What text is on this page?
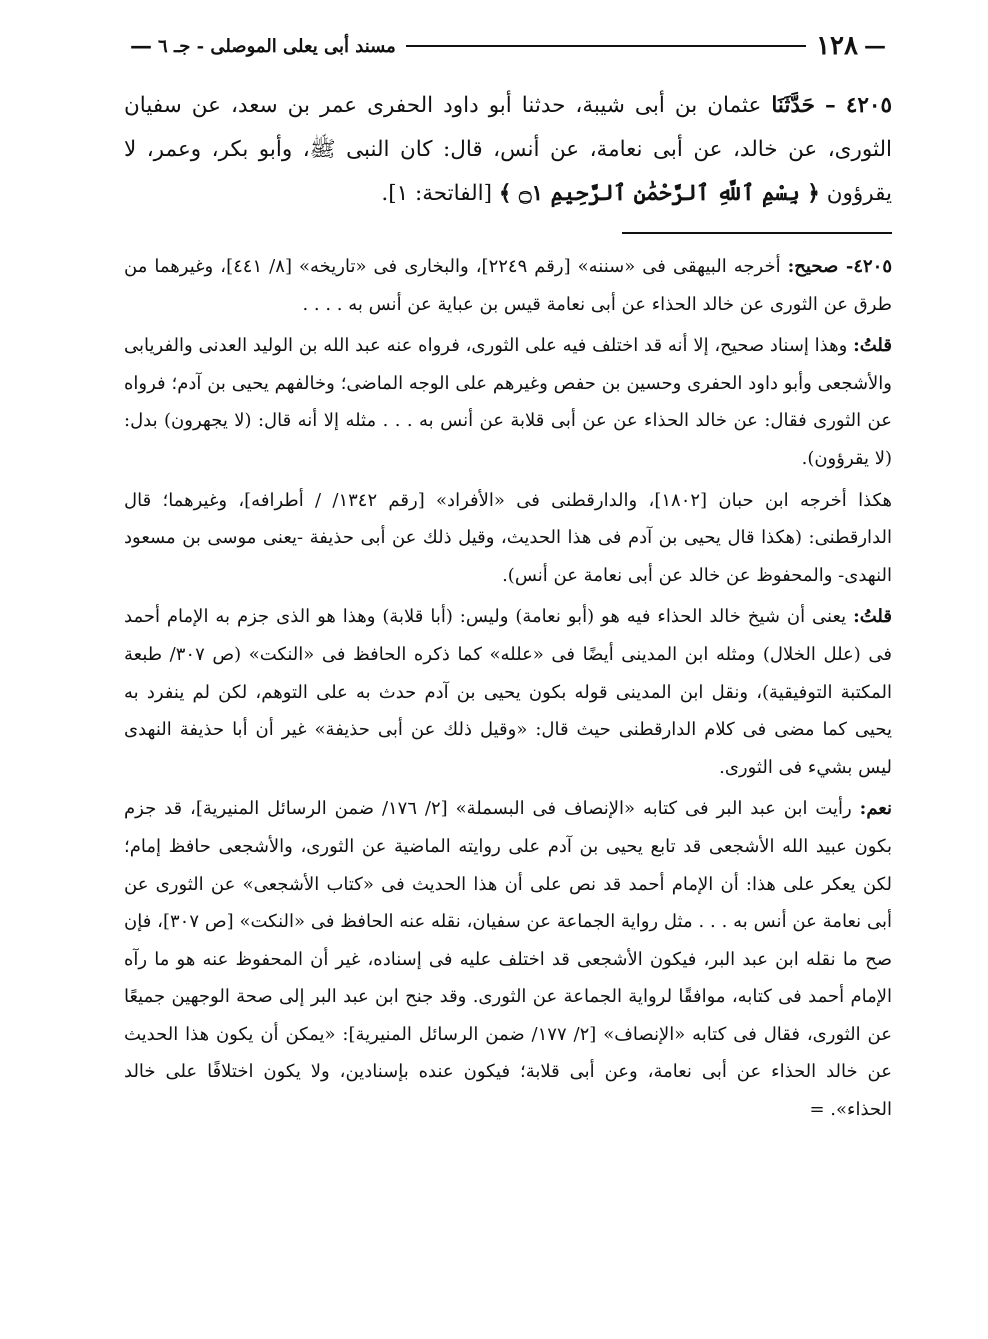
—
١٢٨
مسند أبى يعلى الموصلى - جـ ٦
—
٤٢٠٥ – حَدَّثَنَا عثمان بن أبى شيبة، حدثنا أبو داود الحفرى عمر بن سعد، عن سفيان الثورى، عن خالد، عن أبى نعامة، عن أنس، قال: كان النبى ﷺ، وأبو بكر، وعمر، لا يقرؤون ﴿ بِسْمِ ٱللَّهِ ٱلرَّحْمَٰنِ ٱلرَّحِيمِ ۝١ ﴾ [الفاتحة: ١].

٤٢٠٥- صحيح: أخرجه البيهقى فى «سننه» [رقم ٢٢٤٩]، والبخارى فى «تاريخه» [٨/ ٤٤١]، وغيرهما من طرق عن الثورى عن خالد الحذاء عن أبى نعامة قيس بن عباية عن أنس به . . . .

قلتُ: وهذا إسناد صحيح، إلا أنه قد اختلف فيه على الثورى، فرواه عنه عبد الله بن الوليد العدنى والفريابى والأشجعى وأبو داود الحفرى وحسين بن حفص وغيرهم على الوجه الماضى؛ وخالفهم يحيى بن آدم؛ فرواه عن الثورى فقال: عن خالد الحذاء عن عن أبى قلابة عن أنس به . . . مثله إلا أنه قال: (لا يجهرون) بدل: (لا يقرؤون).

هكذا أخرجه ابن حبان [١٨٠٢]، والدارقطنى فى «الأفراد» [رقم ١٣٤٢/ / أطرافه]، وغيرهما؛ قال الدارقطنى: (هكذا قال يحيى بن آدم فى هذا الحديث، وقيل ذلك عن أبى حذيفة -يعنى موسى بن مسعود النهدى- والمحفوظ عن خالد عن أبى نعامة عن أنس).

قلتُ: يعنى أن شيخ خالد الحذاء فيه هو (أبو نعامة) وليس: (أبا قلابة) وهذا هو الذى جزم به الإمام أحمد فى (علل الخلال) ومثله ابن المدينى أيضًا فى «علله» كما ذكره الحافظ فى «النكت» (ص ٣٠٧/ طبعة المكتبة التوفيقية)، ونقل ابن المدينى قوله بكون يحيى بن آدم حدث به على التوهم، لكن لم ينفرد به يحيى كما مضى فى كلام الدارقطنى حيث قال: «وقيل ذلك عن أبى حذيفة» غير أن أبا حذيفة النهدى ليس بشيء فى الثورى.

نعم: رأيت ابن عبد البر فى كتابه «الإنصاف فى البسملة» [٢/ ١٧٦/ ضمن الرسائل المنيرية]، قد جزم بكون عبيد الله الأشجعى قد تابع يحيى بن آدم على روايته الماضية عن الثورى، والأشجعى حافظ إمام؛ لكن يعكر على هذا: أن الإمام أحمد قد نص على أن هذا الحديث فى «كتاب الأشجعى» عن الثورى عن أبى نعامة عن أنس به . . . مثل رواية الجماعة عن سفيان، نقله عنه الحافظ فى «النكت» [ص ٣٠٧]، فإن صح ما نقله ابن عبد البر، فيكون الأشجعى قد اختلف عليه فى إسناده، غير أن المحفوظ عنه هو ما رآه الإمام أحمد فى كتابه، موافقًا لرواية الجماعة عن الثورى. وقد جنح ابن عبد البر إلى صحة الوجهين جميعًا عن الثورى، فقال فى كتابه «الإنصاف» [٢/ ١٧٧/ ضمن الرسائل المنيرية]: «يمكن أن يكون هذا الحديث عن خالد الحذاء عن أبى نعامة، وعن أبى قلابة؛ فيكون عنده بإسنادين، ولا يكون اختلافًا على خالد الحذاء». =
